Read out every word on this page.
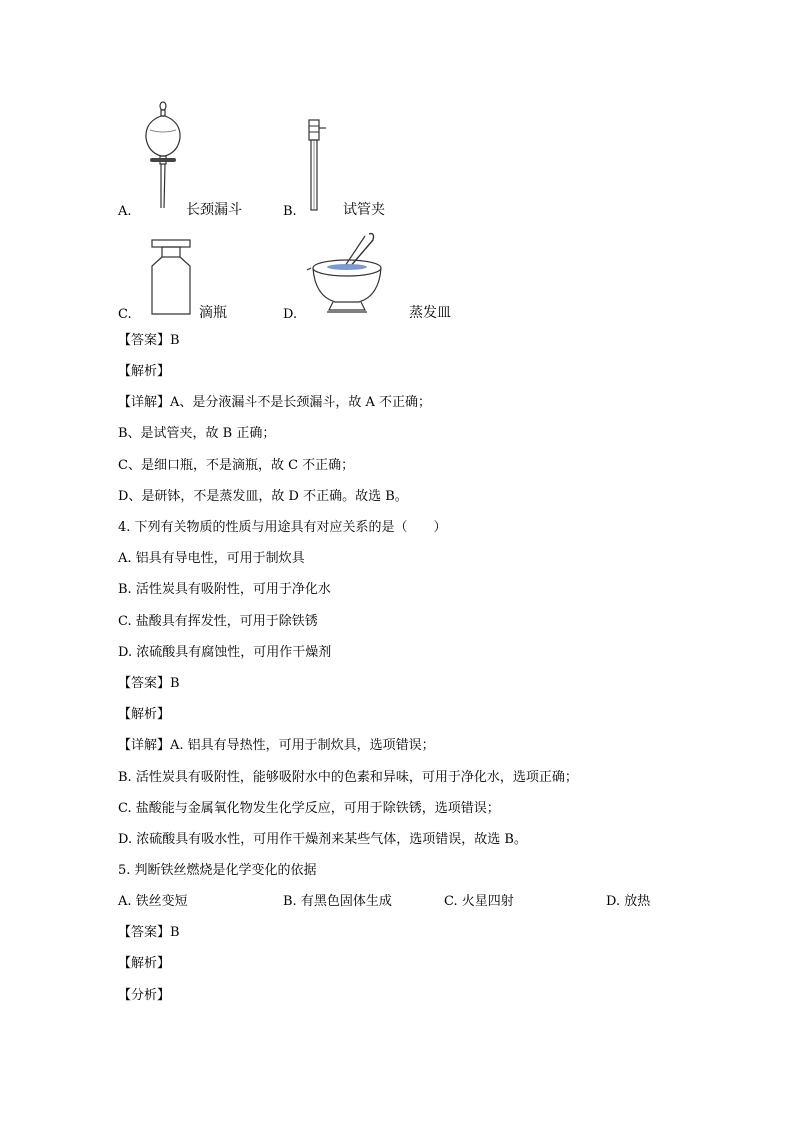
A.	长颈漏斗	B.	试管夹
C.	滴瓶	D.	蒸发皿
【答案】B
【解析】
【详解】A、是分液漏斗不是长颈漏斗，故 A 不正确；
B、是试管夹，故 B 正确；
C、是细口瓶，不是滴瓶，故 C 不正确；
D、是研钵，不是蒸发皿，故 D 不正确。故选 B。
4. 下列有关物质的性质与用途具有对应关系的是（　　）
A. 铝具有导电性，可用于制炊具
B. 活性炭具有吸附性，可用于净化水
C. 盐酸具有挥发性，可用于除铁锈
D. 浓硫酸具有腐蚀性，可用作干燥剂
【答案】B
【解析】
【详解】A. 铝具有导热性，可用于制炊具，选项错误；
B. 活性炭具有吸附性，能够吸附水中的色素和异味，可用于净化水，选项正确；
C. 盐酸能与金属氧化物发生化学反应，可用于除铁锈，选项错误；
D. 浓硫酸具有吸水性，可用作干燥剂来某些气体，选项错误，故选 B。
5. 判断铁丝燃烧是化学变化的依据
A. 铁丝变短	B. 有黑色固体生成	C. 火星四射	D. 放热
【答案】B
【解析】
【分析】
